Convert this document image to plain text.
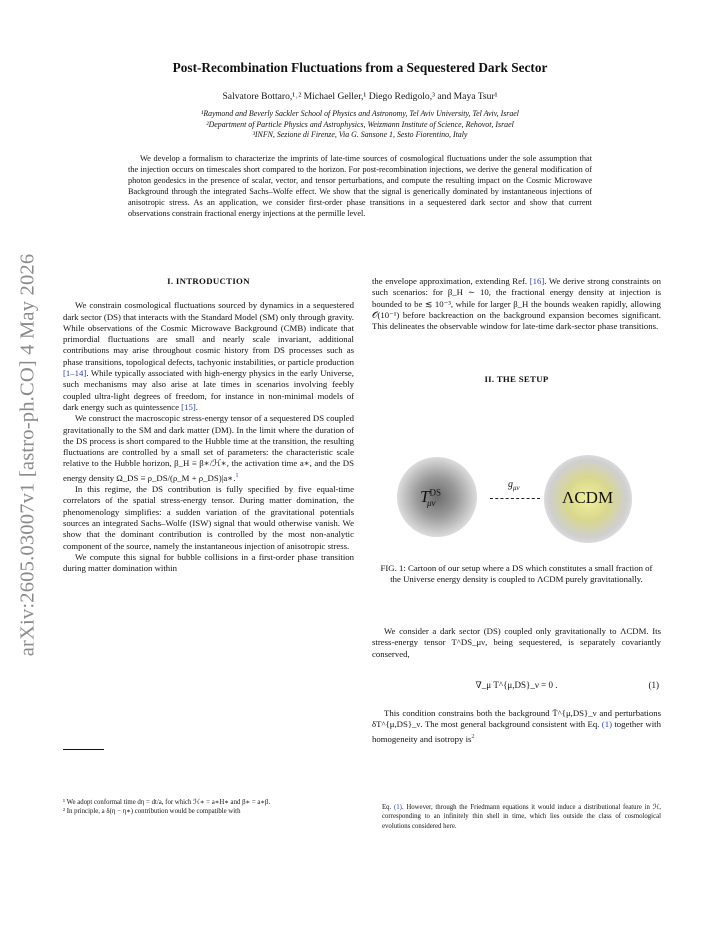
arXiv:2605.03007v1 [astro-ph.CO] 4 May 2026
Post-Recombination Fluctuations from a Sequestered Dark Sector
Salvatore Bottaro,¹˒² Michael Geller,¹ Diego Redigolo,³ and Maya Tsur¹
¹Raymond and Beverly Sackler School of Physics and Astronomy, Tel Aviv University, Tel Aviv, Israel
²Department of Particle Physics and Astrophysics, Weizmann Institute of Science, Rehovot, Israel
³INFN, Sezione di Firenze, Via G. Sansone 1, Sesto Fiorentino, Italy
We develop a formalism to characterize the imprints of late-time sources of cosmological fluctuations under the sole assumption that the injection occurs on timescales short compared to the horizon. For post-recombination injections, we derive the general modification of photon geodesics in the presence of scalar, vector, and tensor perturbations, and compute the resulting impact on the Cosmic Microwave Background through the integrated Sachs–Wolfe effect. We show that the signal is generically dominated by instantaneous injections of anisotropic stress. As an application, we consider first-order phase transitions in a sequestered dark sector and show that current observations constrain fractional energy injections at the permille level.
I. INTRODUCTION

We constrain cosmological fluctuations sourced by dynamics in a sequestered dark sector (DS) that interacts with the Standard Model (SM) only through gravity. While observations of the Cosmic Microwave Background (CMB) indicate that primordial fluctuations are small and nearly scale invariant, additional contributions may arise throughout cosmic history from DS processes such as phase transitions, topological defects, tachyonic instabilities, or particle production [1–14]. While typically associated with high-energy physics in the early Universe, such mechanisms may also arise at late times in scenarios involving feebly coupled ultra-light degrees of freedom, for instance in non-minimal models of dark energy such as quintessence [15].

We construct the macroscopic stress-energy tensor of a sequestered DS coupled gravitationally to the SM and dark matter (DM). In the limit where the duration of the DS process is short compared to the Hubble time at the transition, the resulting fluctuations are controlled by a small set of parameters: the characteristic scale relative to the Hubble horizon, β_H ≡ β∗/ℋ∗, the activation time a∗, and the DS energy density Ω_DS ≡ ρ_DS/(ρ_M + ρ_DS)|a∗.$^1$

In this regime, the DS contribution is fully specified by five equal-time correlators of the spatial stress-energy tensor. During matter domination, the phenomenology simplifies: a sudden variation of the gravitational potentials sources an integrated Sachs–Wolfe (ISW) signal that would otherwise vanish. We show that the dominant contribution is controlled by the most non-analytic component of the source, namely the instantaneous injection of anisotropic stress.

We compute this signal for bubble collisions in a first-order phase transition during matter domination within

the envelope approximation, extending Ref. [16]. We derive strong constraints on such scenarios: for β_H ∼ 10, the fractional energy density at injection is bounded to be ≲ 10⁻³, while for larger β_H the bounds weaken rapidly, allowing 𝒪(10⁻¹) before backreaction on the background expansion becomes significant. This delineates the observable window for late-time dark-sector phase transitions.

II. THE SETUP
$T^{DS}_{\mu\nu}$
$g_{\mu\nu}$ ΛCDM
FIG. 1: Cartoon of our setup where a DS which constitutes a small fraction of the Universe energy density is coupled to ΛCDM purely gravitationally.

We consider a dark sector (DS) coupled only gravitationally to ΛCDM. Its stress-energy tensor T^DS_μν, being sequestered, is separately covariantly conserved,

∇_μ T^{μ,DS}_ν = 0 .	(1)

This condition constrains both the background T̄^{μ,DS}_ν and perturbations δT^{μ,DS}_ν. The most general background consistent with Eq. (1) together with homogeneity and isotropy is$^2$

¹ We adopt conformal time dη = dt/a, for which ℋ∗ = a∗H∗ and β∗ = a∗β.

² In principle, a δ(η − η∗) contribution would be compatible with

Eq. (1). However, through the Friedmann equations it would induce a distributional feature in ℋ, corresponding to an infinitely thin shell in time, which lies outside the class of cosmological evolutions considered here.
